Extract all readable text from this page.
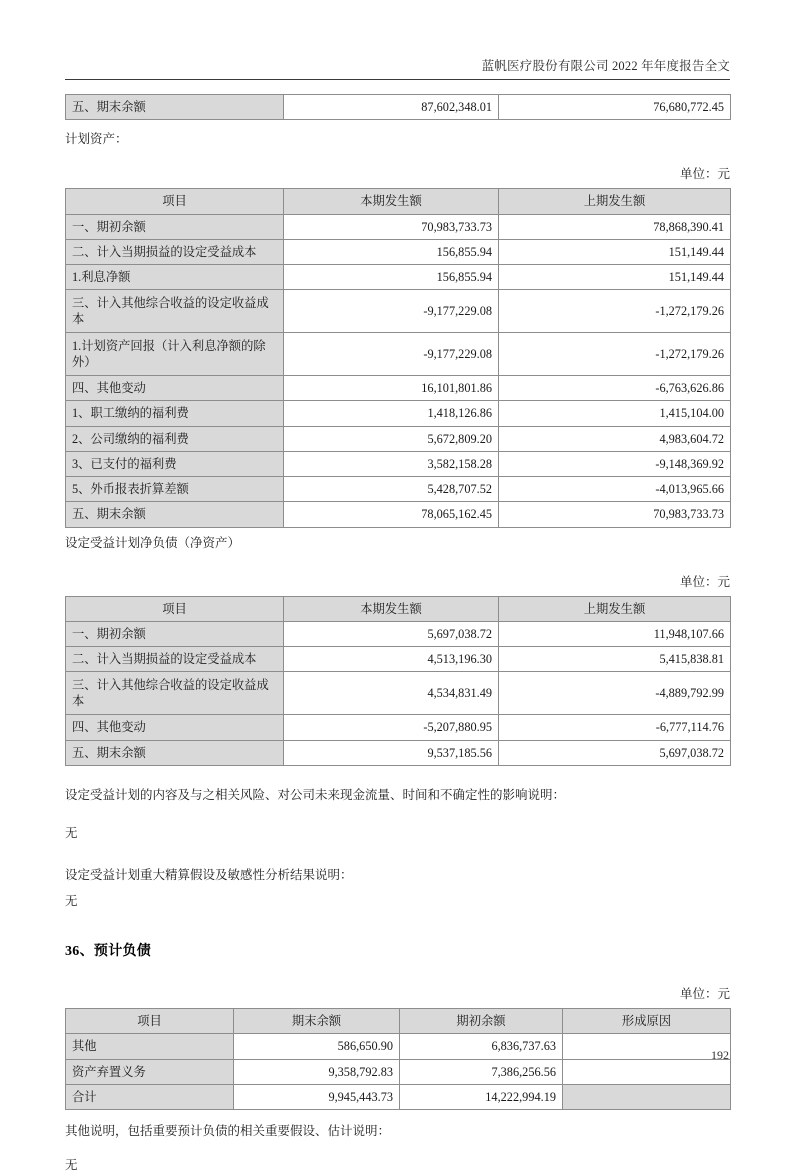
蓝帆医疗股份有限公司 2022 年年度报告全文
五、期末余额	87,602,348.01	76,680,772.45

计划资产：

单位：元
项目	本期发生额	上期发生额
一、期初余额	70,983,733.73	78,868,390.41
二、计入当期损益的设定受益成本	156,855.94	151,149.44
1.利息净额	156,855.94	151,149.44
三、计入其他综合收益的设定收益成本	-9,177,229.08	-1,272,179.26
1.计划资产回报（计入利息净额的除外）	-9,177,229.08	-1,272,179.26
四、其他变动	16,101,801.86	-6,763,626.86
1、职工缴纳的福利费	1,418,126.86	1,415,104.00
2、公司缴纳的福利费	5,672,809.20	4,983,604.72
3、已支付的福利费	3,582,158.28	-9,148,369.92
5、外币报表折算差额	5,428,707.52	-4,013,965.66
五、期末余额	78,065,162.45	70,983,733.73

设定受益计划净负债（净资产）

单位：元
项目	本期发生额	上期发生额
一、期初余额	5,697,038.72	11,948,107.66
二、计入当期损益的设定受益成本	4,513,196.30	5,415,838.81
三、计入其他综合收益的设定收益成本	4,534,831.49	-4,889,792.99
四、其他变动	-5,207,880.95	-6,777,114.76
五、期末余额	9,537,185.56	5,697,038.72

设定受益计划的内容及与之相关风险、对公司未来现金流量、时间和不确定性的影响说明：

无

设定受益计划重大精算假设及敏感性分析结果说明：

无

36、预计负债
单位：元
项目	期末余额	期初余额	形成原因
其他	586,650.90	6,836,737.63	
资产弃置义务	9,358,792.83	7,386,256.56	
合计	9,945,443.73	14,222,994.19	

其他说明，包括重要预计负债的相关重要假设、估计说明：

无

192
